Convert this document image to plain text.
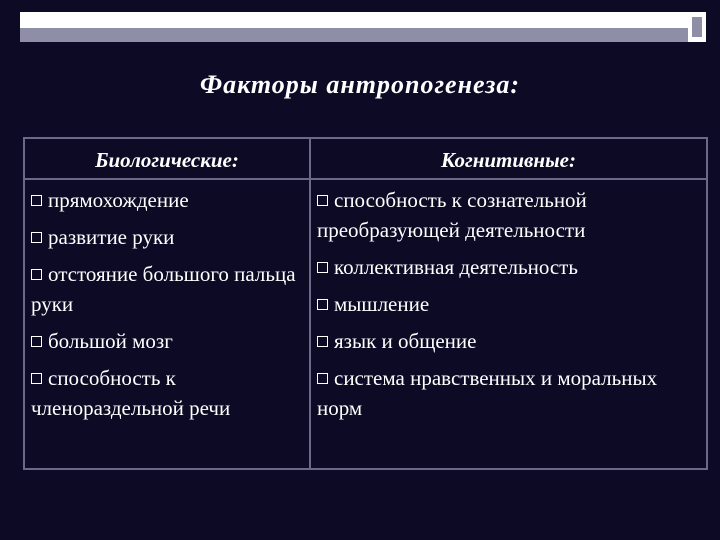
Факторы антропогенеза:
Биологические:	Когнитивные:
прямохождение
развитие руки
отстояние большого пальца руки
большой мозг
способность к членораздельной речи
способность к сознательной преобразующей деятельности
коллективная деятельность
мышление
язык и общение
система нравственных и моральных норм
